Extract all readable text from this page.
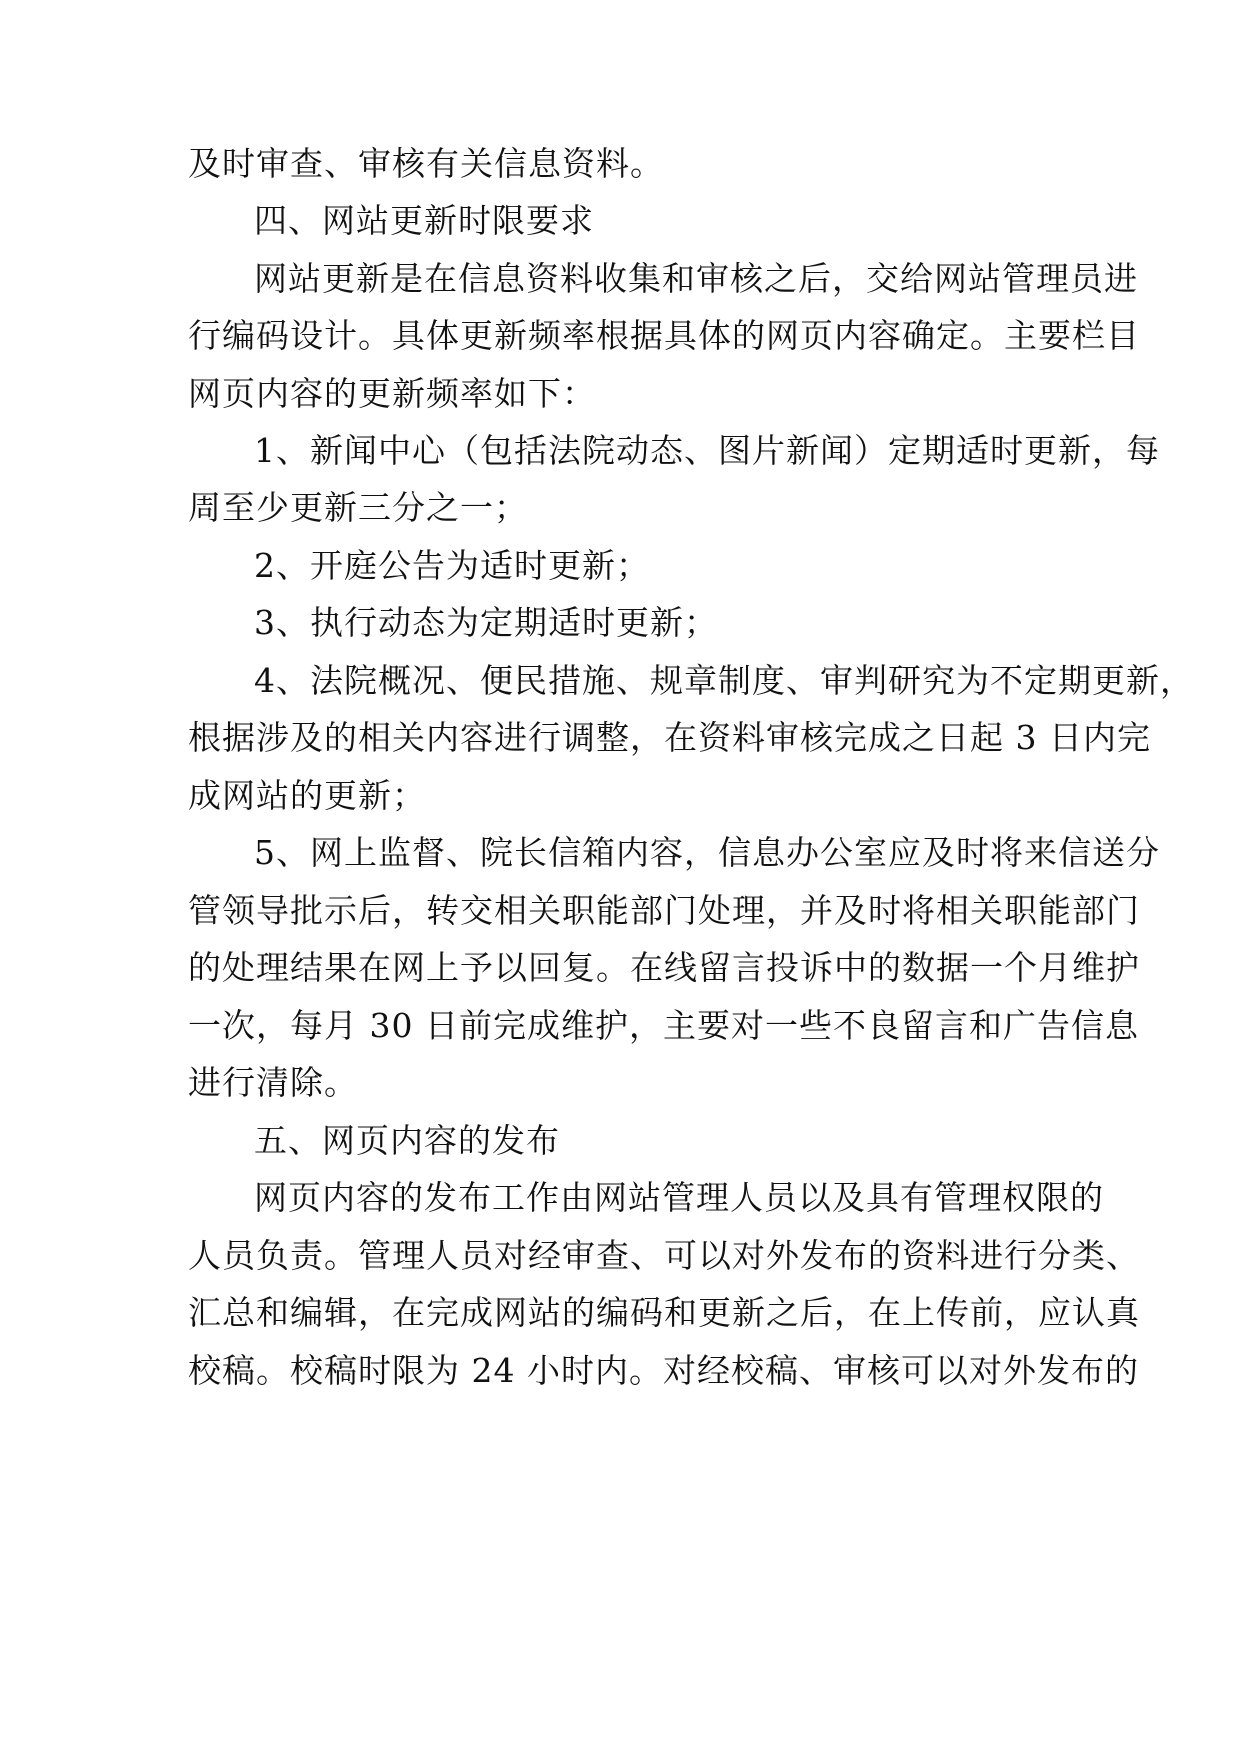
及时审查、审核有关信息资料。
四、网站更新时限要求
网站更新是在信息资料收集和审核之后，交给网站管理员进
行编码设计。具体更新频率根据具体的网页内容确定。主要栏目
网页内容的更新频率如下：
1、新闻中心（包括法院动态、图片新闻）定期适时更新，每
周至少更新三分之一；
2、开庭公告为适时更新；
3、执行动态为定期适时更新；
4、法院概况、便民措施、规章制度、审判研究为不定期更新，
根据涉及的相关内容进行调整，在资料审核完成之日起 3 日内完
成网站的更新；
5、网上监督、院长信箱内容，信息办公室应及时将来信送分
管领导批示后，转交相关职能部门处理，并及时将相关职能部门
的处理结果在网上予以回复。在线留言投诉中的数据一个月维护
一次，每月 30 日前完成维护，主要对一些不良留言和广告信息
进行清除。
五、网页内容的发布
网页内容的发布工作由网站管理人员以及具有管理权限的
人员负责。管理人员对经审查、可以对外发布的资料进行分类、
汇总和编辑，在完成网站的编码和更新之后，在上传前，应认真
校稿。校稿时限为 24 小时内。对经校稿、审核可以对外发布的
